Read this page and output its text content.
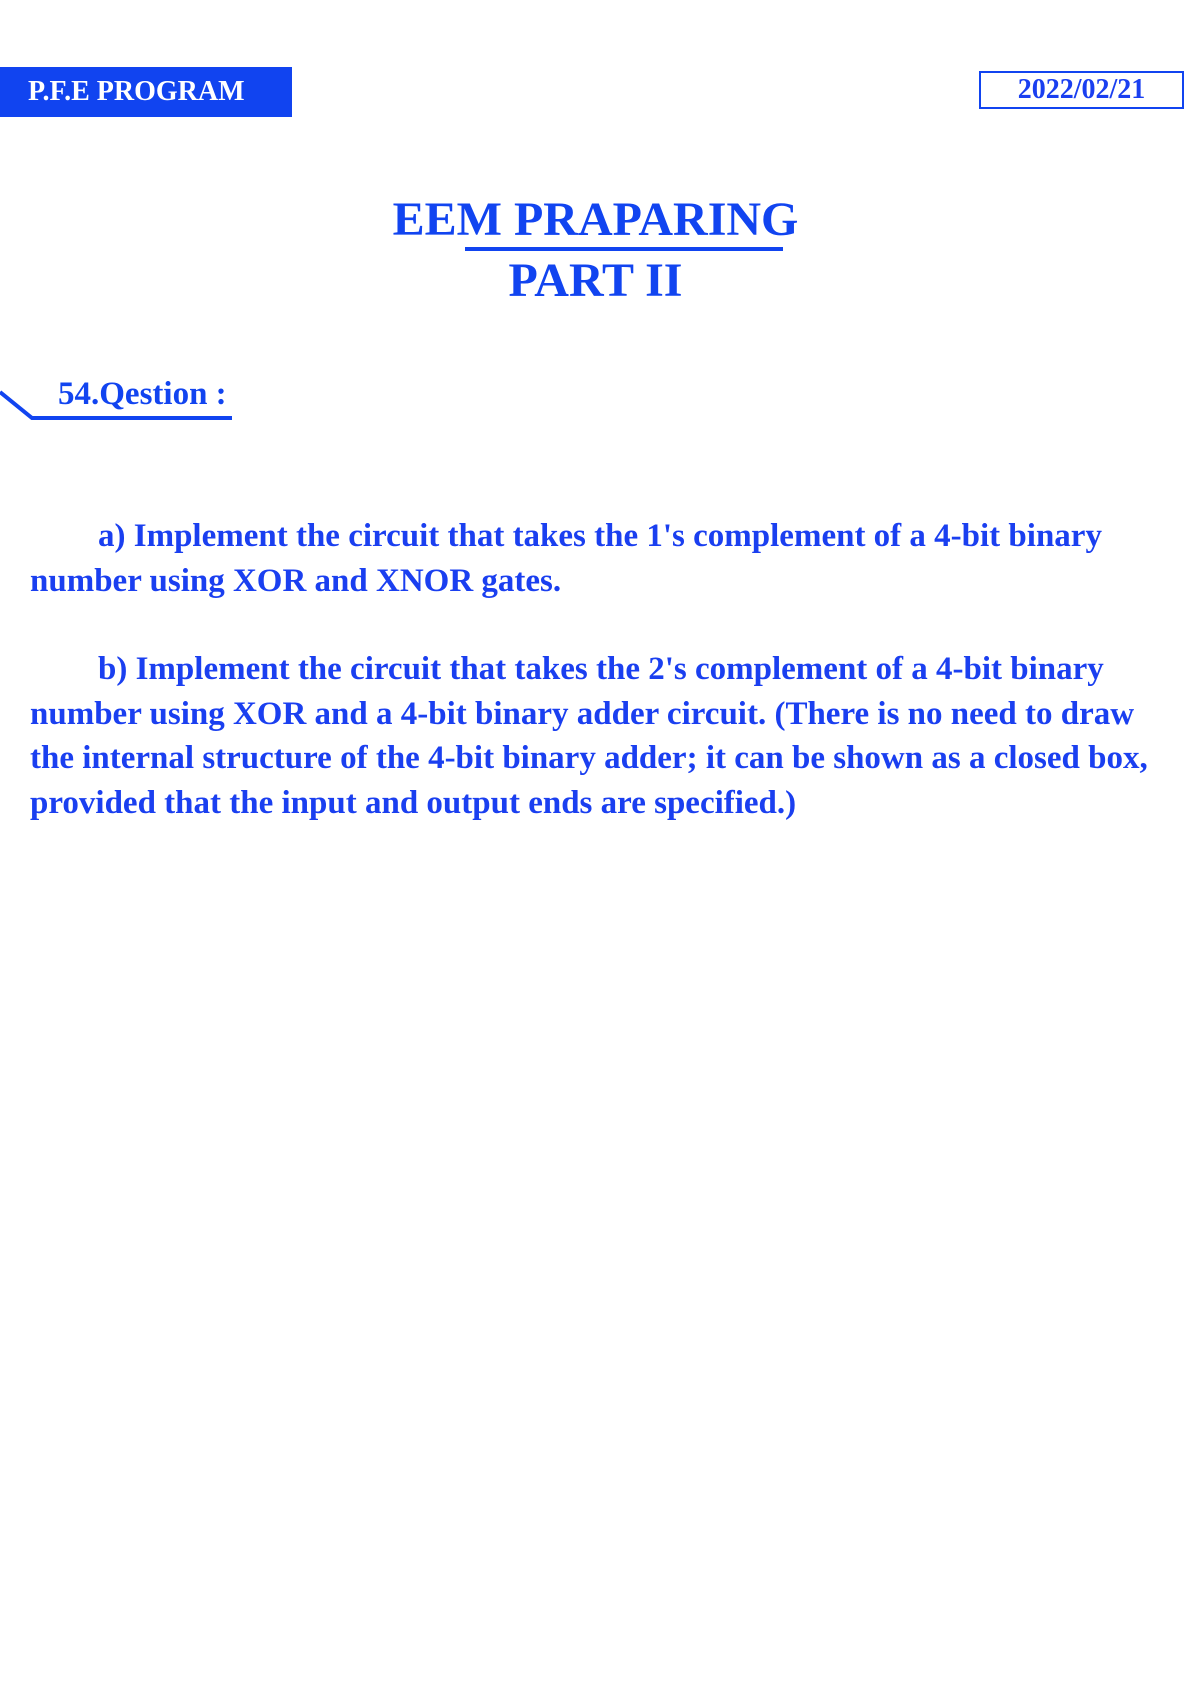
P.F.E PROGRAM	2022/02/21
EEM PRAPARING
PART II
54.Qestion :

a) Implement the circuit that takes the 1's complement of a 4-bit binary number using XOR and XNOR gates.

b) Implement the circuit that takes the 2's complement of a 4-bit binary number using XOR and a 4-bit binary adder circuit. (There is no need to draw the internal structure of the 4-bit binary adder; it can be shown as a closed box, provided that the input and output ends are specified.)
